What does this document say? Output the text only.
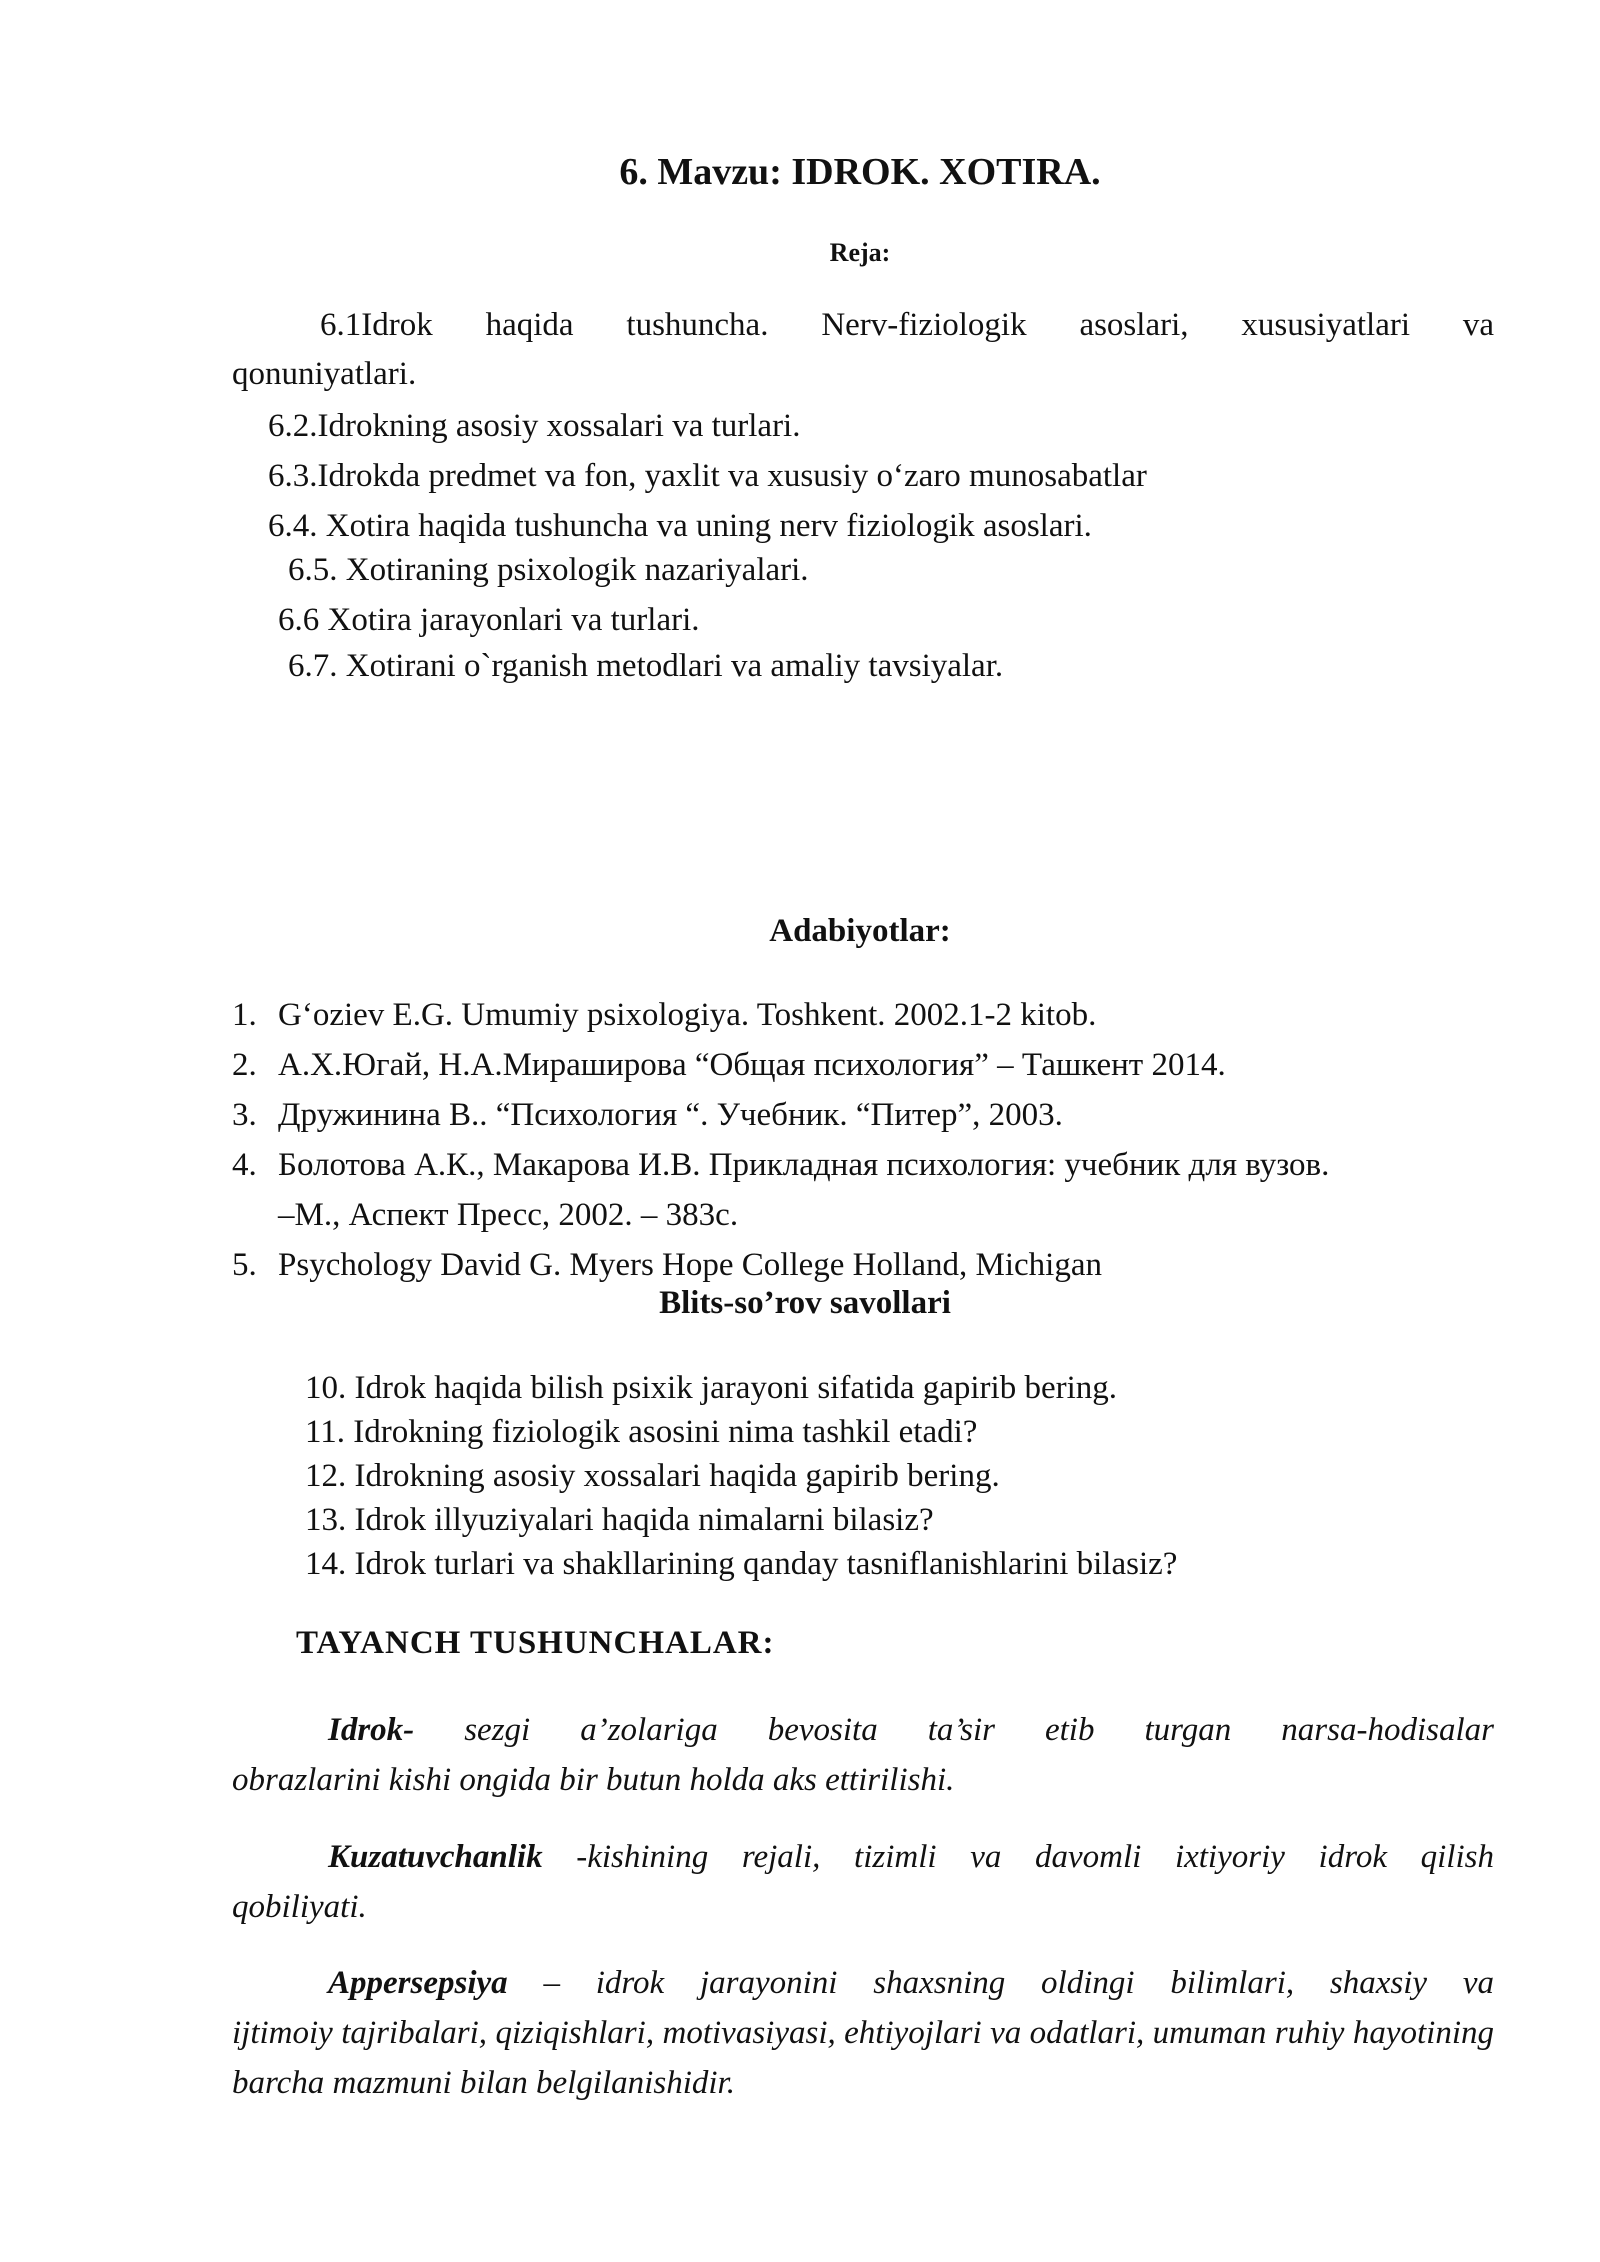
6. Mavzu: IDROK. XOTIRA.
Reja:
6.1Idrok haqida tushuncha. Nerv-fiziologik asoslari, xususiyatlari va
qonuniyatlari.
6.2.Idrokning asosiy xossalari va turlari.
6.3.Idrokda predmet va fon, yaxlit va xususiy o‘zaro munosabatlar
6.4. Xotira haqida tushuncha va uning nerv fiziologik asoslari.
6.5. Xotiraning psixologik nazariyalari.
6.6 Xotira jarayonlari va turlari.
6.7. Xotirani o`rganish metodlari va amaliy tavsiyalar.
Adabiyotlar:
1. G‘oziev E.G. Umumiy psixologiya. Toshkent. 2002.1-2 kitob.
2. А.Х.Югай, Н.А.Мираширова “Общая психология” – Ташкент 2014.
3. Дружинина В.. “Психология “. Учебник. “Питер”, 2003.
4. Болотова А.К., Макарова И.В. Прикладная психология: учебник для вузов.
–М., Аспект Пресс, 2002. – 383с.
5. Psychology David G. Myers Hope College Holland, Michigan
Blits-so’rov savollari
10. Idrok haqida bilish psixik jarayoni sifatida gapirib bering.
11. Idrokning fiziologik asosini nima tashkil etadi?
12. Idrokning asosiy xossalari haqida gapirib bering.
13. Idrok illyuziyalari haqida nimalarni bilasiz?
14. Idrok turlari va shakllarining qanday tasniflanishlarini bilasiz?
TAYANCH TUSHUNCHALAR:
Idrok- sezgi a’zolariga bevosita ta’sir etib turgan narsa-hodisalar
obrazlarini kishi ongida bir butun holda aks ettirilishi.
Kuzatuvchanlik -kishining rejali, tizimli va davomli ixtiyoriy idrok qilish
qobiliyati.
Appersepsiya – idrok jarayonini shaxsning oldingi bilimlari, shaxsiy va
ijtimoiy tajribalari, qiziqishlari, motivasiyasi, ehtiyojlari va odatlari, umuman ruhiy hayotining barcha mazmuni bilan belgilanishidir.
